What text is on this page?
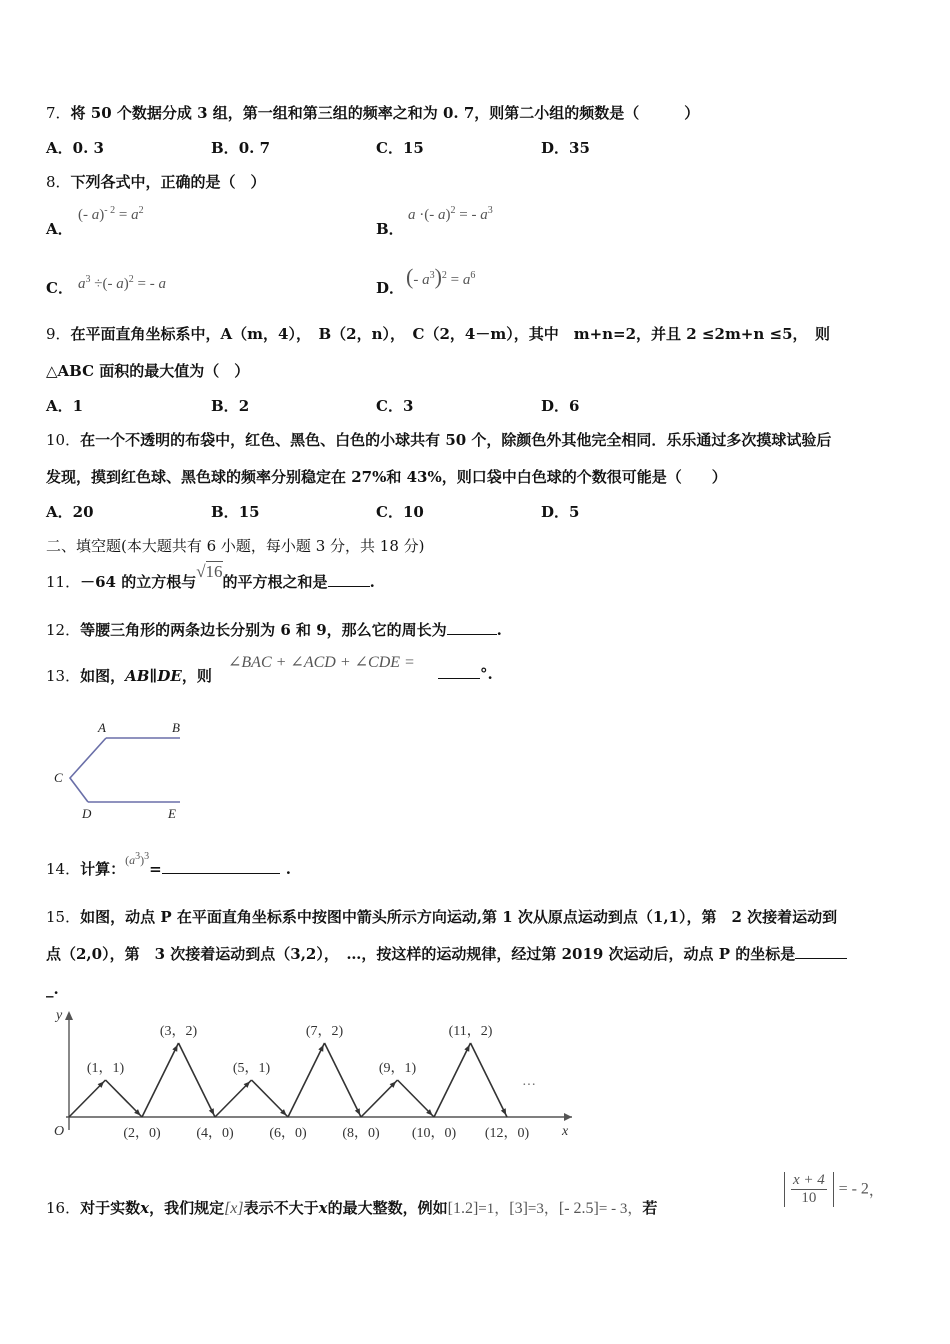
7．将 50 个数据分成 3 组，第一组和第三组的频率之和为 0. 7，则第二小组的频数是（　　　）
A．0. 3	B．0. 7	C．15	D．35
8．下列各式中，正确的是（　）
A．
(- $a)^{- 2} = a^2$
B．
a ·(- a)$^2$ = - $a^3$
C． $a^3$ ÷(- a)$^2$ = - a	D． (- $a^3)^2 = a^6$
9．在平面直角坐标系中，A（m，4），　B（2，n），　C（2，4－m），其中　m+n=2，并且 2 ≤2m+n ≤5，　则
△ABC 面积的最大值为（　）
A．1	B．2	C．3	D．6
10．在一个不透明的布袋中，红色、黑色、白色的小球共有 50 个，除颜色外其他完全相同．乐乐通过多次摸球试验后
发现，摸到红色球、黑色球的频率分别稳定在 27%和 43%，则口袋中白色球的个数很可能是（　　）
A．20	B．15	C．10	D．5
二、填空题(本大题共有 6 小题，每小题 3 分，共 18 分)
11．－64 的立方根与√16的平方根之和是	.
12．等腰三角形的两条边长分别为 6 和 9，那么它的周长为	.
13．如图，AB∥DE，则
∠BAC + ∠ACD + ∠CDE =
°.
A	B
C
D	E
14．计算：$^{(a^3)^3}$=	.
15．如图，动点 P 在平面直角坐标系中按图中箭头所示方向运动,第 1 次从原点运动到点（1,1），第　2 次接着运动到
点（2,0），第　3 次接着运动到点（3,2），　…，按这样的运动规律，经过第 2019 次运动后，动点 P 的坐标是
_.
x
y
O
···
(1，1)
(2，0)
(3，2)
(4，0)
(5，1)
(6，0)
(7，2)
(8，0)
(9，1)
(10，0)
(11，2)
(12，0)
16．对于实数x，我们规定[x]表示不大于x的最大整数，例如[1.2]=1，[3]=3，[- 2.5]= - 3，若
$\frac{x + 4}{10}$ = - 2，
